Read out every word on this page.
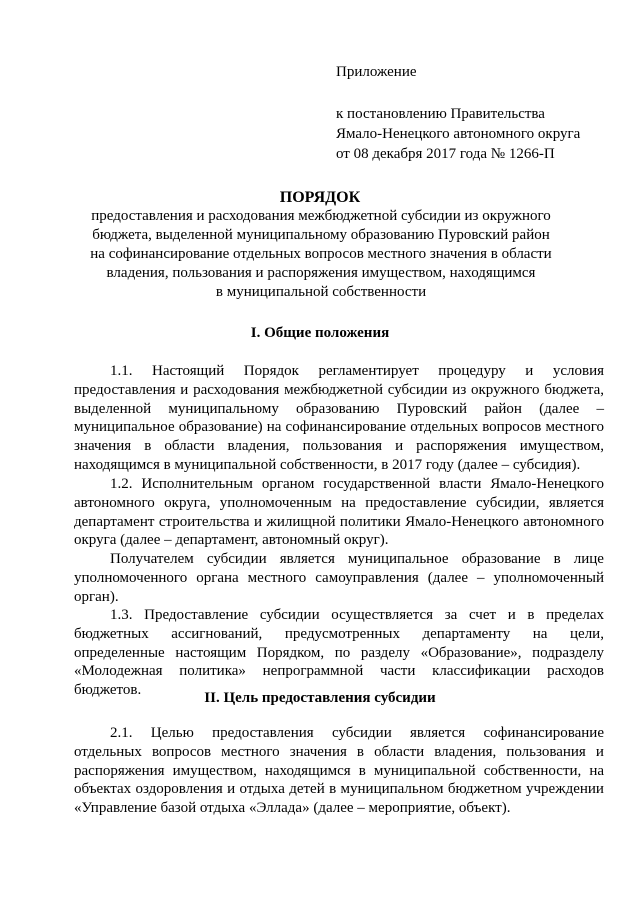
Приложение
к постановлению Правительства
Ямало-Ненецкого автономного округа
от 08 декабря 2017 года № 1266-П
ПОРЯДОК
предоставления и расходования межбюджетной субсидии из окружного
бюджета, выделенной муниципальному образованию Пуровский район
на софинансирование отдельных вопросов местного значения в области
владения, пользования и распоряжения имуществом, находящимся
в муниципальной собственности
I. Общие положения
1.1. Настоящий Порядок регламентирует процедуру и условия
предоставления и расходования межбюджетной субсидии из окружного бюджета,
выделенной муниципальному образованию Пуровский район (далее –
муниципальное образование) на софинансирование отдельных вопросов местного
значения в области владения, пользования и распоряжения имуществом,
находящимся в муниципальной собственности, в 2017 году (далее – субсидия).
1.2. Исполнительным органом государственной власти Ямало-Ненецкого
автономного округа, уполномоченным на предоставление субсидии, является
департамент строительства и жилищной политики Ямало-Ненецкого автономного
округа (далее – департамент, автономный округ).
Получателем субсидии является муниципальное образование в лице
уполномоченного органа местного самоуправления (далее – уполномоченный
орган).
1.3. Предоставление субсидии осуществляется за счет и в пределах
бюджетных ассигнований, предусмотренных департаменту на цели,
определенные настоящим Порядком, по разделу «Образование», подразделу
«Молодежная политика» непрограммной части классификации расходов
бюджетов.	II. Цель предоставления субсидии
2.1. Целью предоставления субсидии является софинансирование
отдельных вопросов местного значения в области владения, пользования и
распоряжения имуществом, находящимся в муниципальной собственности, на
объектах оздоровления и отдыха детей в муниципальном бюджетном учреждении
«Управление базой отдыха «Эллада» (далее – мероприятие, объект).
